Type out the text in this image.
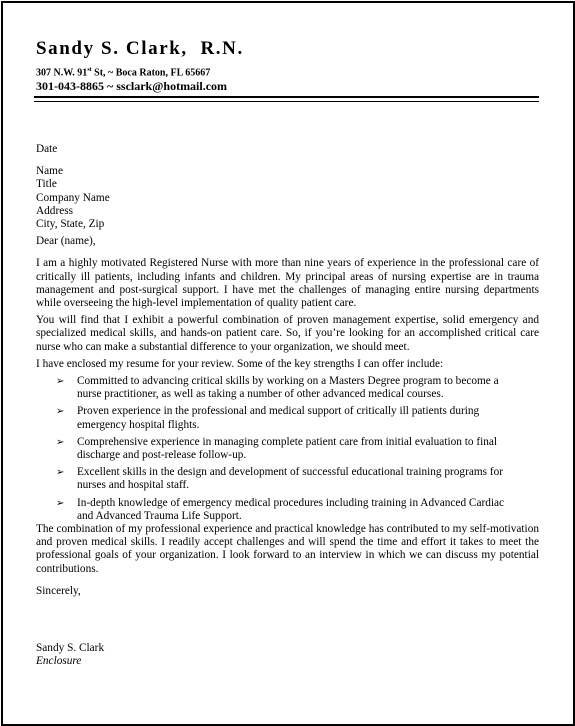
Sandy S. Clark,  R.N.
307 N.W. 91st St, ~ Boca Raton, FL 65667
301-043-8865 ~ ssclark@hotmail.com
Date
Name
Title
Company Name
Address
City, State, Zip
Dear (name),

I am a highly motivated Registered Nurse with more than nine years of experience in the professional care of critically ill patients, including infants and children. My principal areas of nursing expertise are in trauma management and post-surgical support. I have met the challenges of managing entire nursing departments while overseeing the high-level implementation of quality patient care.

You will find that I exhibit a powerful combination of proven management expertise, solid emergency and specialized medical skills, and hands-on patient care. So, if you’re looking for an accomplished critical care nurse who can make a substantial difference to your organization, we should meet.

I have enclosed my resume for your review. Some of the key strengths I can offer include:

➢ Committed to advancing critical skills by working on a Masters Degree program to become a nurse practitioner, as well as taking a number of other advanced medical courses.
➢ Proven experience in the professional and medical support of critically ill patients during emergency hospital flights.
➢ Comprehensive experience in managing complete patient care from initial evaluation to final discharge and post-release follow-up.
➢ Excellent skills in the design and development of successful educational training programs for nurses and hospital staff.
➢ In-depth knowledge of emergency medical procedures including training in Advanced Cardiac and Advanced Trauma Life Support.

The combination of my professional experience and practical knowledge has contributed to my self-motivation and proven medical skills. I readily accept challenges and will spend the time and effort it takes to meet the professional goals of your organization. I look forward to an interview in which we can discuss my potential contributions.

Sincerely,
Sandy S. Clark
Enclosure
